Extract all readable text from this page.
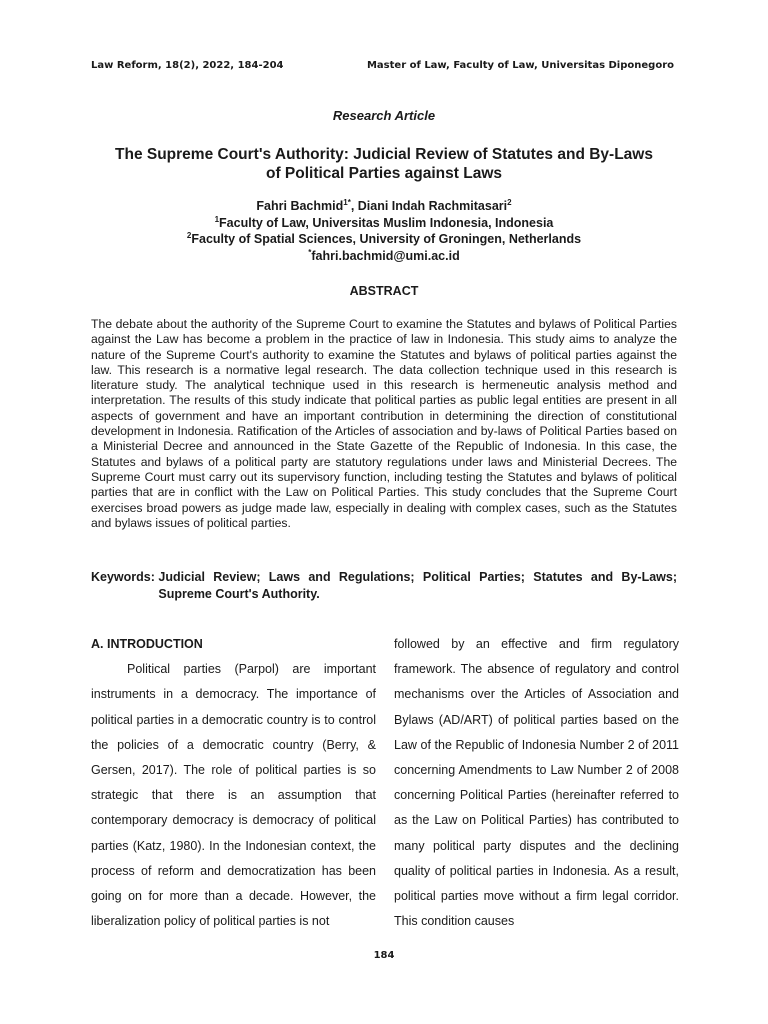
Law Reform, 18(2), 2022, 184-204	Master of Law, Faculty of Law, Universitas Diponegoro
Research Article
The Supreme Court's Authority: Judicial Review of Statutes and By-Laws of Political Parties against Laws
Fahri Bachmid$^{1*}$, Diani Indah Rachmitasari$^2$
$^1$Faculty of Law, Universitas Muslim Indonesia, Indonesia
$^2$Faculty of Spatial Sciences, University of Groningen, Netherlands
*fahri.bachmid@umi.ac.id
ABSTRACT

The debate about the authority of the Supreme Court to examine the Statutes and bylaws of Political Parties against the Law has become a problem in the practice of law in Indonesia. This study aims to analyze the nature of the Supreme Court's authority to examine the Statutes and bylaws of political parties against the law. This research is a normative legal research. The data collection technique used in this research is literature study. The analytical technique used in this research is hermeneutic analysis method and interpretation. The results of this study indicate that political parties as public legal entities are present in all aspects of government and have an important contribution in determining the direction of constitutional development in Indonesia. Ratification of the Articles of association and by-laws of Political Parties based on a Ministerial Decree and announced in the State Gazette of the Republic of Indonesia. In this case, the Statutes and bylaws of a political party are statutory regulations under laws and Ministerial Decrees. The Supreme Court must carry out its supervisory function, including testing the Statutes and bylaws of political parties that are in conflict with the Law on Political Parties. This study concludes that the Supreme Court exercises broad powers as judge made law, especially in dealing with complex cases, such as the Statutes and bylaws issues of political parties.

Keywords: Judicial Review; Laws and Regulations; Political Parties; Statutes and By-Laws; Supreme Court's Authority.
A. INTRODUCTION

Political parties (Parpol) are important instruments in a democracy. The importance of political parties in a democratic country is to control the policies of a democratic country (Berry, & Gersen, 2017). The role of political parties is so strategic that there is an assumption that contemporary democracy is democracy of political parties (Katz, 1980). In the Indonesian context, the process of reform and democratization has been going on for more than a decade. However, the liberalization policy of political parties is not

followed by an effective and firm regulatory framework. The absence of regulatory and control mechanisms over the Articles of Association and Bylaws (AD/ART) of political parties based on the Law of the Republic of Indonesia Number 2 of 2011 concerning Amendments to Law Number 2 of 2008 concerning Political Parties (hereinafter referred to as the Law on Political Parties) has contributed to many political party disputes and the declining quality of political parties in Indonesia. As a result, political parties move without a firm legal corridor. This condition causes

184
